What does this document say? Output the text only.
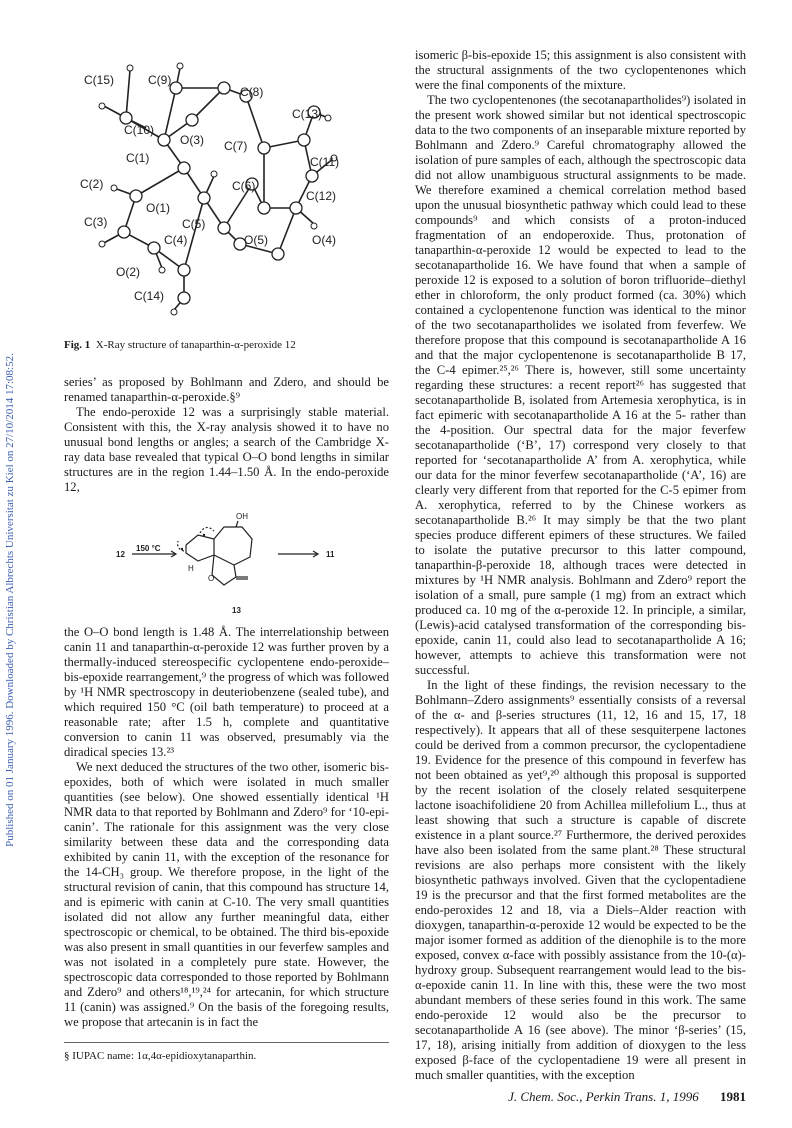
Published on 01 January 1996. Downloaded by Christian Albrechts Universitat zu Kiel on 27/10/2014 17:08:52.
C(15)	C(9)
C(8)
C(13)
C(10)
O(3) C(7)
C(1)	C(11)
C(2)	C(6)
C(12)
O(1)
C(3)	C(5)
O(5)	O(4)
C(4)
O(2)
C(14)
Fig. 1 X-Ray structure of tanaparthin-α-peroxide 12

series’ as proposed by Bohlmann and Zdero, and should be renamed tanaparthin-α-peroxide.§⁹

The endo-peroxide 12 was a surprisingly stable material. Consistent with this, the X-ray analysis showed it to have no unusual bond lengths or angles; a search of the Cambridge X-ray data base revealed that typical O–O bond lengths in similar structures are in the region 1.44–1.50 Å. In the endo-peroxide 12,

12
150 °C
11
13
OH
H
O

the O–O bond length is 1.48 Å. The interrelationship between canin 11 and tanaparthin-α-peroxide 12 was further proven by a thermally-induced stereospecific cyclopentene endo-peroxide–bis-epoxide rearrangement,⁹ the progress of which was followed by ¹H NMR spectroscopy in deuteriobenzene (sealed tube), and which required 150 °C (oil bath temperature) to proceed at a reasonable rate; after 1.5 h, complete and quantitative conversion to canin 11 was observed, presumably via the diradical species 13.²³

We next deduced the structures of the two other, isomeric bis-epoxides, both of which were isolated in much smaller quantities (see below). One showed essentially identical ¹H NMR data to that reported by Bohlmann and Zdero⁹ for ‘10-epi-canin’. The rationale for this assignment was the very close similarity between these data and the corresponding data exhibited by canin 11, with the exception of the resonance for the 14-CH₃ group. We therefore propose, in the light of the structural revision of canin, that this compound has structure 14, and is epimeric with canin at C-10. The very small quantities isolated did not allow any further meaningful data, either spectroscopic or chemical, to be obtained. The third bis-epoxide was also present in small quantities in our feverfew samples and was not isolated in a completely pure state. However, the spectroscopic data corresponded to those reported by Bohlmann and Zdero⁹ and others¹⁸,¹⁹,²⁴ for artecanin, for which structure 11 (canin) was assigned.⁹ On the basis of the foregoing results, we propose that artecanin is in fact the

§ IUPAC name: 1α,4α-epidioxytanaparthin.

isomeric β-bis-epoxide 15; this assignment is also consistent with the structural assignments of the two cyclopentenones which were the final components of the mixture.

The two cyclopentenones (the secotanapartholides⁹) isolated in the present work showed similar but not identical spectroscopic data to the two components of an inseparable mixture reported by Bohlmann and Zdero.⁹ Careful chromatography allowed the isolation of pure samples of each, although the spectroscopic data did not allow unambiguous structural assignments to be made. We therefore examined a chemical correlation method based upon the unusual biosynthetic pathway which could lead to these compounds⁹ and which consists of a proton-induced fragmentation of an endoperoxide. Thus, protonation of tanaparthin-α-peroxide 12 would be expected to lead to the secotanapartholide 16. We have found that when a sample of peroxide 12 is exposed to a solution of boron trifluoride–diethyl ether in chloroform, the only product formed (ca. 30%) which contained a cyclopentenone function was identical to the minor of the two secotanapartholides we isolated from feverfew. We therefore propose that this compound is secotanapartholide A 16 and that the major cyclopentenone is secotanapartholide B 17, the C-4 epimer.²⁵,²⁶ There is, however, still some uncertainty regarding these structures: a recent report²⁶ has suggested that secotanapartholide B, isolated from Artemesia xerophytica, is in fact epimeric with secotanapartholide A 16 at the 5- rather than the 4-position. Our spectral data for the major feverfew secotanapartholide (‘B’, 17) correspond very closely to that reported for ‘secotanapartholide A’ from A. xerophytica, while our data for the minor feverfew secotanapartholide (‘A’, 16) are clearly very different from that reported for the C-5 epimer from A. xerophytica, referred to by the Chinese workers as secotanapartholide B.²⁶ It may simply be that the two plant species produce different epimers of these structures. We failed to isolate the putative precursor to this latter compound, tanaparthin-β-peroxide 18, although traces were detected in mixtures by ¹H NMR analysis. Bohlmann and Zdero⁹ report the isolation of a small, pure sample (1 mg) from an extract which produced ca. 10 mg of the α-peroxide 12. In principle, a similar, (Lewis)-acid catalysed transformation of the corresponding bis-epoxide, canin 11, could also lead to secotanapartholide A 16; however, attempts to achieve this transformation were not successful.

In the light of these findings, the revision necessary to the Bohlmann–Zdero assignments⁹ essentially consists of a reversal of the α- and β-series structures (11, 12, 16 and 15, 17, 18 respectively). It appears that all of these sesquiterpene lactones could be derived from a common precursor, the cyclopentadiene 19. Evidence for the presence of this compound in feverfew has not been obtained as yet⁹,²⁰ although this proposal is supported by the recent isolation of the closely related sesquiterpene lactone isoachifolidiene 20 from Achillea millefolium L., thus at least showing that such a structure is capable of discrete existence in a plant source.²⁷ Furthermore, the derived peroxides have also been isolated from the same plant.²⁸ These structural revisions are also perhaps more consistent with the likely biosynthetic pathways involved. Given that the cyclopentadiene 19 is the precursor and that the first formed metabolites are the endo-peroxides 12 and 18, via a Diels–Alder reaction with dioxygen, tanaparthin-α-peroxide 12 would be expected to be the major isomer formed as addition of the dienophile is to the more exposed, convex α-face with possibly assistance from the 10-(α)-hydroxy group. Subsequent rearrangement would lead to the bis-α-epoxide canin 11. In line with this, these were the two most abundant members of these series found in this work. The same endo-peroxide 12 would also be the precursor to secotanapartholide A 16 (see above). The minor ‘β-series’ (15, 17, 18), arising initially from addition of dioxygen to the less exposed β-face of the cyclopentadiene 19 were all present in much smaller quantities, with the exception

J. Chem. Soc., Perkin Trans. 1, 1996 1981
